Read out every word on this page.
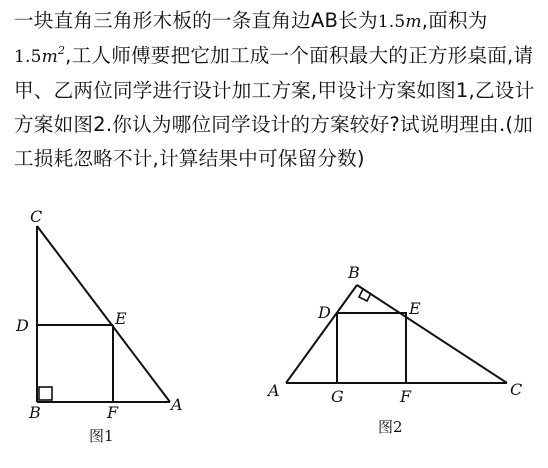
一块直角三角形木板的一条直角边AB长为1.5m,面积为
$1.5m^2$,工人师傅要把它加工成一个面积最大的正方形桌面,请甲、乙两位同学进行设计加工方案,甲设计方案如图1,乙设计方案如图2.你认为哪位同学设计的方案较好?试说明理由.(加工损耗忽略不计,计算结果中可保留分数)
C
D	E
B	F	A
图1
B
D	E
A	G	F	C
图2
